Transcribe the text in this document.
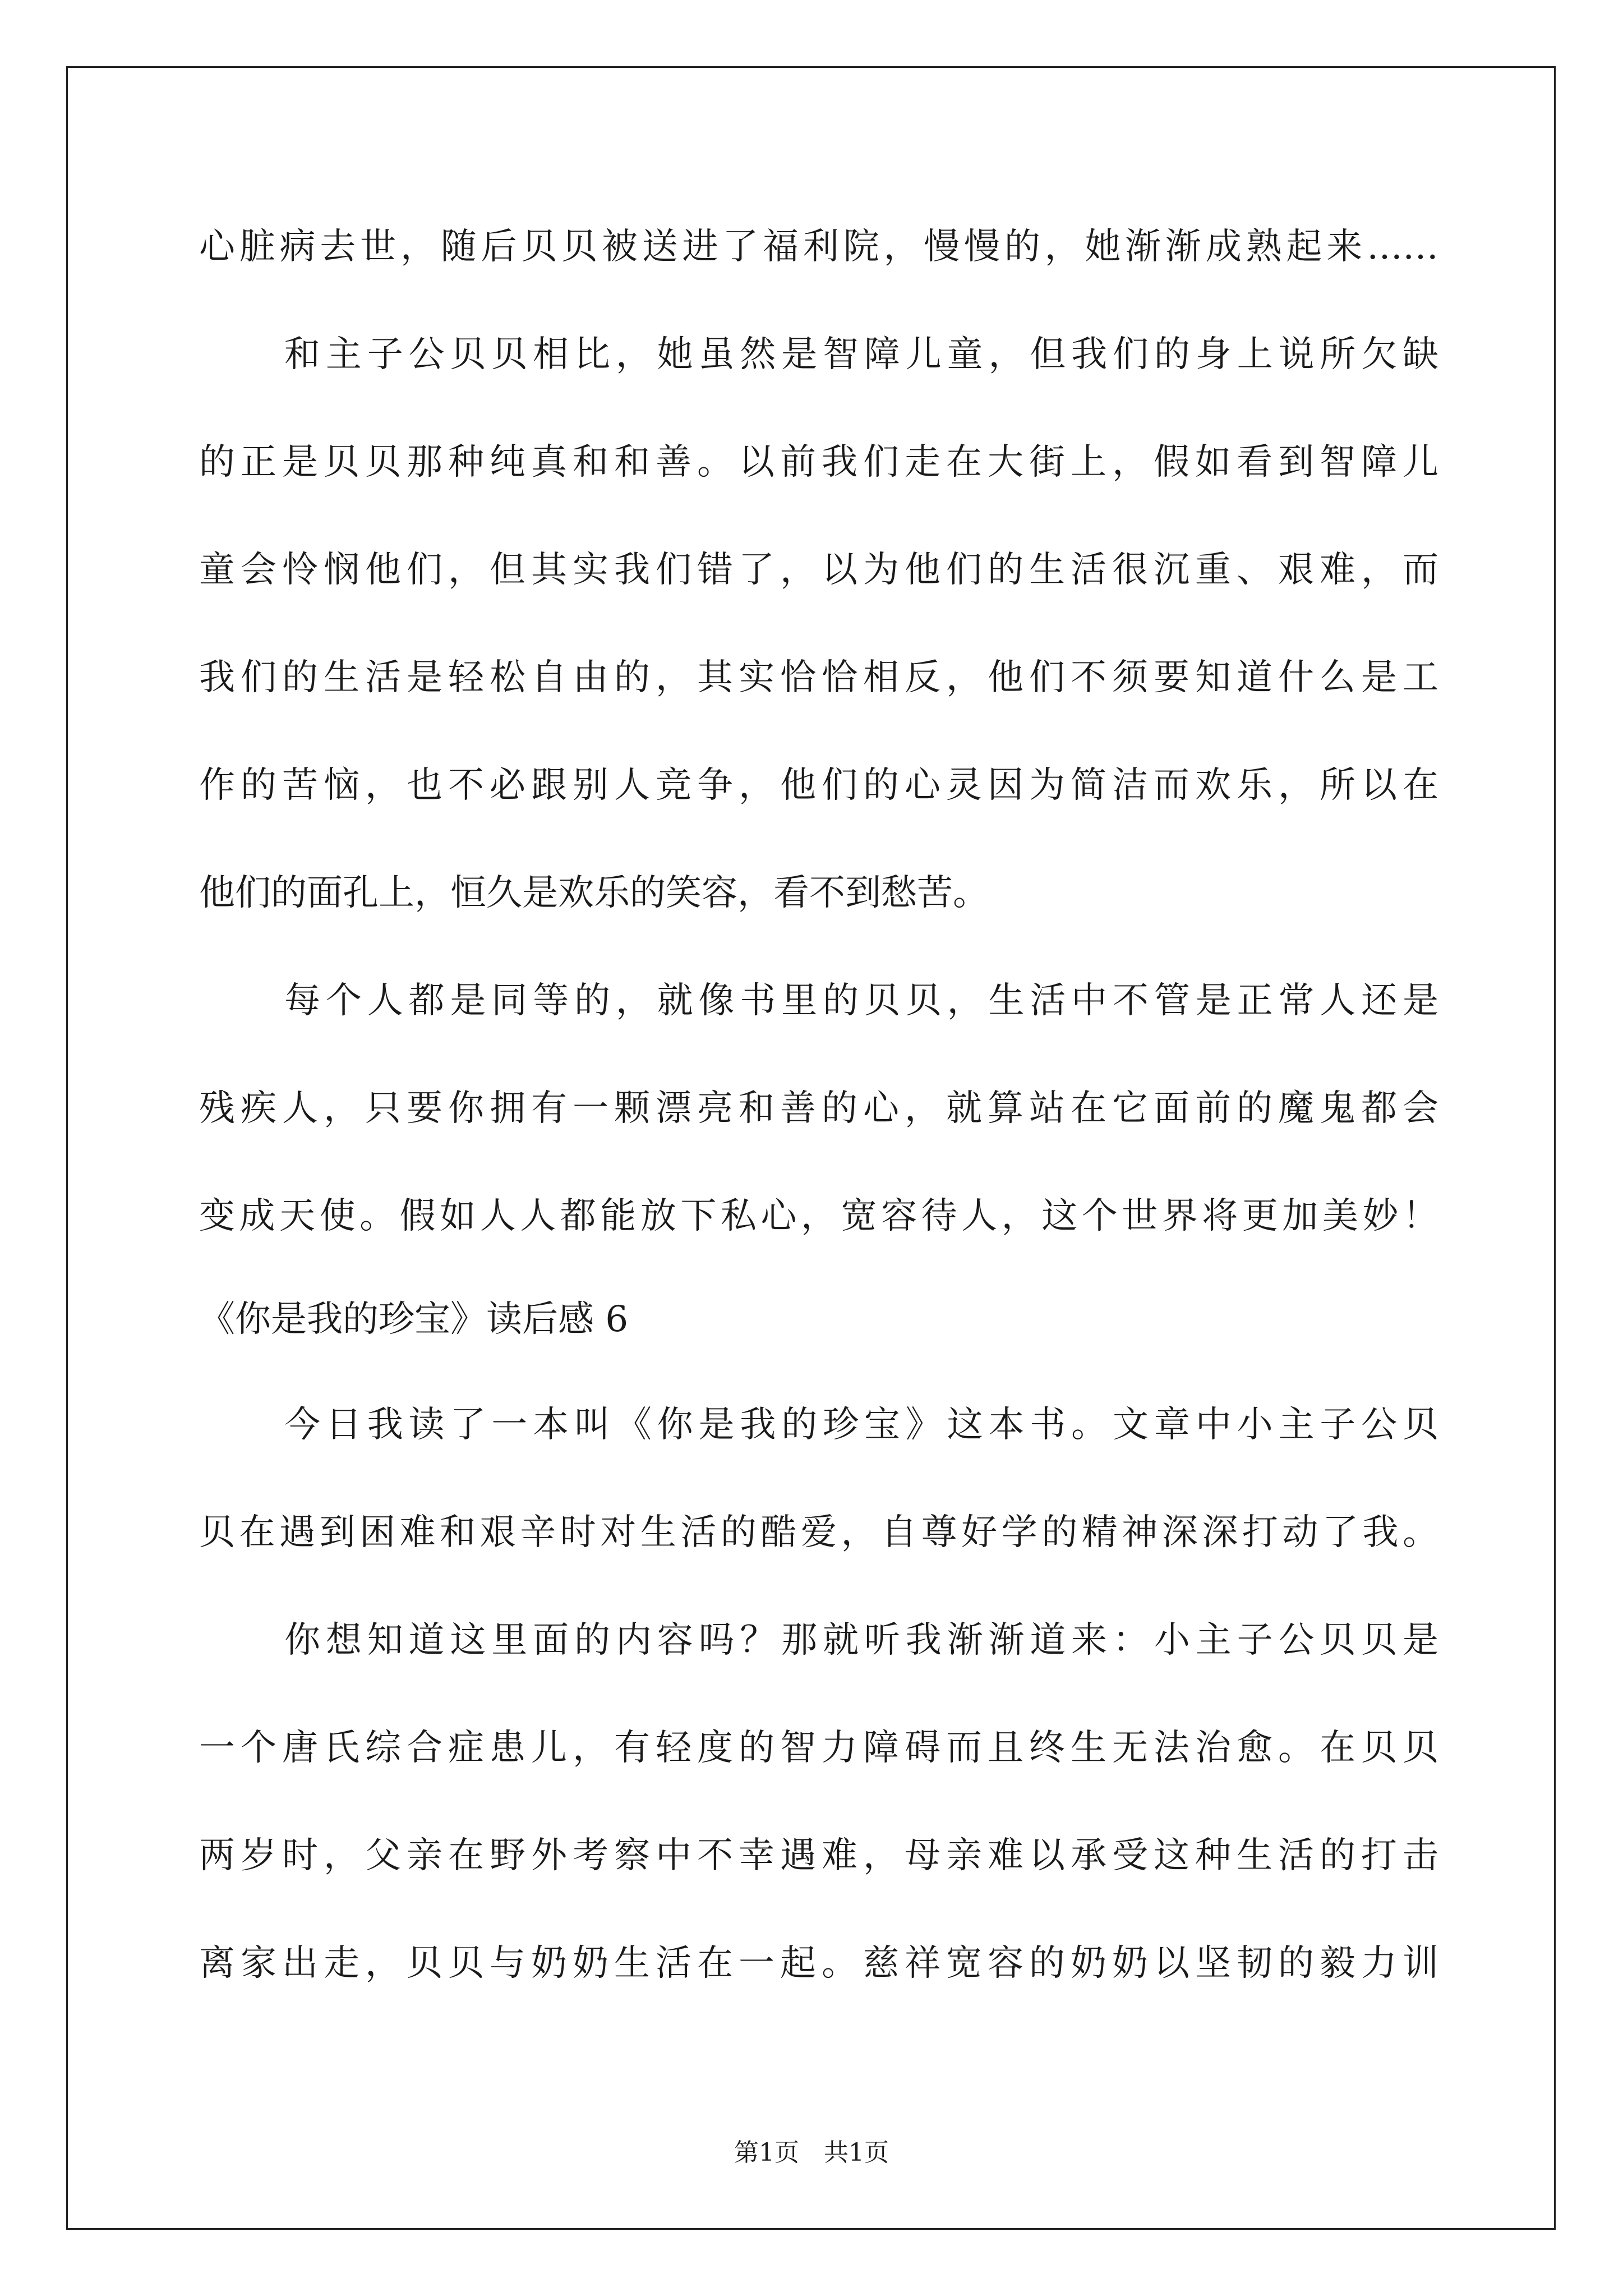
心脏病去世，随后贝贝被送进了福利院，慢慢的，她渐渐成熟起来……
和主子公贝贝相比，她虽然是智障儿童，但我们的身上说所欠缺
的正是贝贝那种纯真和和善。以前我们走在大街上，假如看到智障儿
童会怜悯他们，但其实我们错了，以为他们的生活很沉重、艰难，而
我们的生活是轻松自由的，其实恰恰相反，他们不须要知道什么是工
作的苦恼，也不必跟别人竞争，他们的心灵因为简洁而欢乐，所以在
他们的面孔上，恒久是欢乐的笑容，看不到愁苦。
每个人都是同等的，就像书里的贝贝，生活中不管是正常人还是
残疾人，只要你拥有一颗漂亮和善的心，就算站在它面前的魔鬼都会
变成天使。假如人人都能放下私心，宽容待人，这个世界将更加美妙！
《你是我的珍宝》读后感 6
今日我读了一本叫《你是我的珍宝》这本书。文章中小主子公贝
贝在遇到困难和艰辛时对生活的酷爱，自尊好学的精神深深打动了我。
你想知道这里面的内容吗？那就听我渐渐道来：小主子公贝贝是
一个唐氏综合症患儿，有轻度的智力障碍而且终生无法治愈。在贝贝
两岁时，父亲在野外考察中不幸遇难，母亲难以承受这种生活的打击
离家出走，贝贝与奶奶生活在一起。慈祥宽容的奶奶以坚韧的毅力训
第1页　共1页
